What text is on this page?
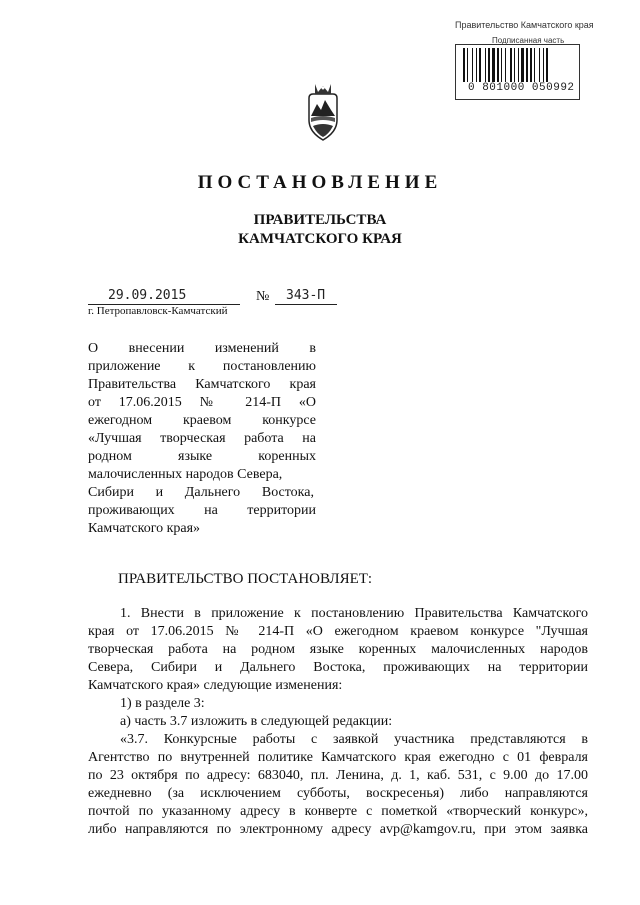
Правительство Камчатского края
Подписанная часть
0 801000 050992
ПОСТАНОВЛЕНИЕ
ПРАВИТЕЛЬСТВА
КАМЧАТСКОГО КРАЯ
29.09.2015	№ 343-П
г. Петропавловск-Камчатский
О внесении изменений в
приложение к постановлению
Правительства Камчатского края
от 17.06.2015 № 214-П «О
ежегодном краевом конкурсе
«Лучшая творческая работа на
родном языке коренных
малочисленных народов Севера,
Сибири и Дальнего Востока,
проживающих на территории
Камчатского края»
ПРАВИТЕЛЬСТВО ПОСТАНОВЛЯЕТ:
1. Внести в приложение к постановлению Правительства Камчатского
края от 17.06.2015 № 214-П «О ежегодном краевом конкурсе "Лучшая
творческая работа на родном языке коренных малочисленных народов
Севера, Сибири и Дальнего Востока, проживающих на территории
Камчатского края» следующие изменения:
1) в разделе 3:
а) часть 3.7 изложить в следующей редакции:
«3.7. Конкурсные работы с заявкой участника представляются в
Агентство по внутренней политике Камчатского края ежегодно с 01 февраля
по 23 октября по адресу: 683040, пл. Ленина, д. 1, каб. 531, с 9.00 до 17.00
ежедневно (за исключением субботы, воскресенья) либо направляются
почтой по указанному адресу в конверте с пометкой «творческий конкурс»,
либо направляются по электронному адресу avp@kamgov.ru, при этом заявка
